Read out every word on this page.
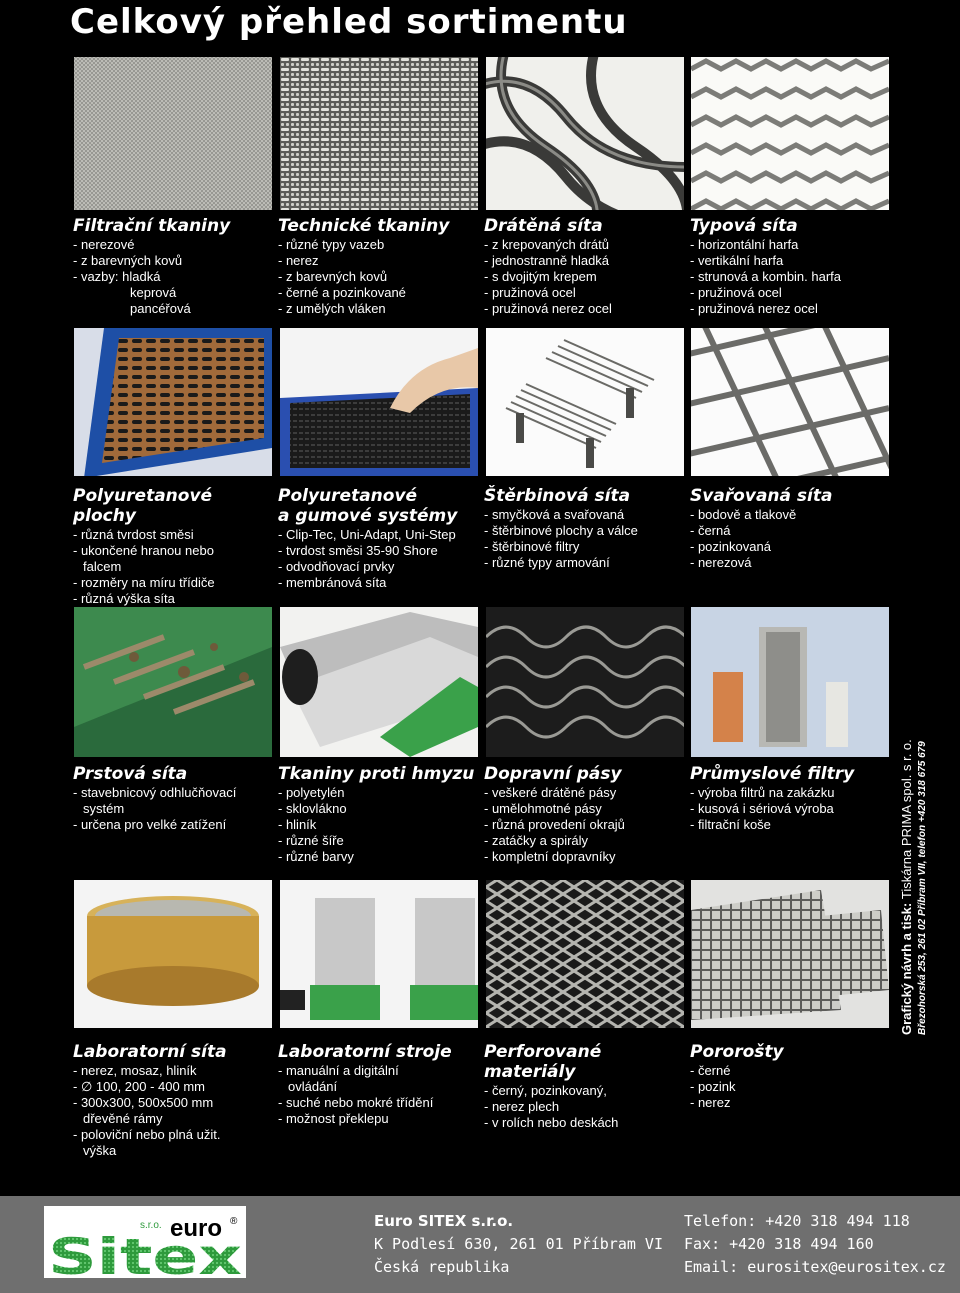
Celkový přehled sortimentu
Filtrační tkaniny
- nerezové
- z barevných kovů
- vazby: hladká
keprová
pancéřová
Technické tkaniny
- různé typy vazeb
- nerez
- z barevných kovů
- černé a pozinkované
- z umělých vláken
Drátěná síta
- z krepovaných drátů
- jednostranně hladká
- s dvojitým krepem
- pružinová ocel
- pružinová nerez ocel
Typová síta
- horizontální harfa
- vertikální harfa
- strunová a kombin. harfa
- pružinová ocel
- pružinová nerez ocel
Polyuretanové
plochy
- různá tvrdost směsi
- ukončené hranou nebo
falcem
- rozměry na míru třídiče
- různá výška síta
Polyuretanové
a gumové systémy
- Clip-Tec, Uni-Adapt, Uni-Step
- tvrdost směsi 35-90 Shore
- odvodňovací prvky
- membránová síta
Štěrbinová síta
- smyčková a svařovaná
- štěrbinové plochy a válce
- štěrbinové filtry
- různé typy armování
Svařovaná síta
- bodově a tlakově
- černá
- pozinkovaná
- nerezová
Prstová síta
- stavebnicový odhlučňovací
systém
- určena pro velké zatížení
Tkaniny proti hmyzu
- polyetylén
- sklovlákno
- hliník
- různé šíře
- různé barvy
Dopravní pásy
- veškeré drátěné pásy
- umělohmotné pásy
- různá provedení okrajů
- zatáčky a spirály
- kompletní dopravníky
Průmyslové filtry
- výroba filtrů na zakázku
- kusová i sériová výroba
- filtrační koše
Laboratorní síta
- nerez, mosaz, hliník
- ∅ 100, 200 - 400 mm
- 300x300, 500x500 mm
dřevěné rámy
- poloviční nebo plná užit.
výška
Laboratorní stroje
- manuální a digitální
ovládání
- suché nebo mokré třídění
- možnost překlepu
Perforované
materiály
- černý, pozinkovaný,
- nerez plech
- v rolích nebo deskách
Pororošty
- černé
- pozink
- nerez
Grafický návrh a tisk: Tiskárna PRIMA spol. s r. o. Březohorská 253, 261 02 Příbram VII, telefon +420 318 675 679
s.r.o. euro ®
Sitex
Euro SITEX s.r.o.
K Podlesí 630, 261 01 Příbram VI
Česká republika
Telefon: +420 318 494 118
Fax: +420 318 494 160
Email: eurositex@eurositex.cz
